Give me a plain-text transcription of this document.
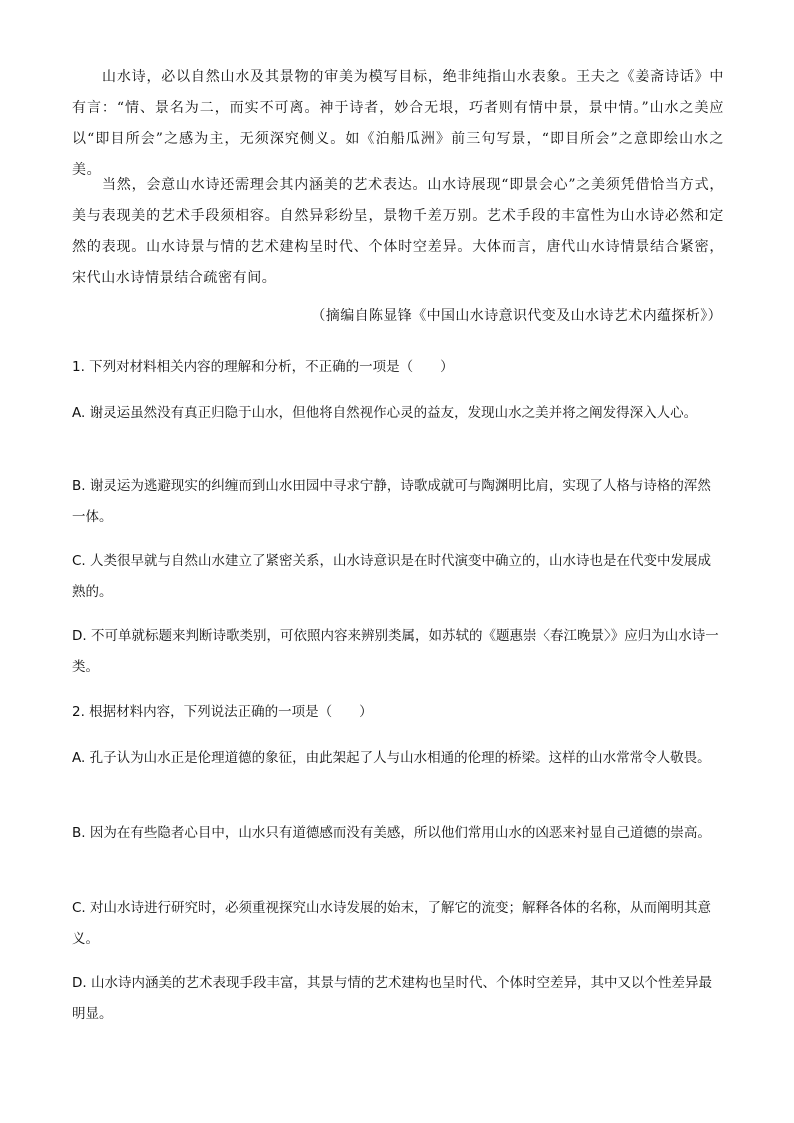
山水诗，必以自然山水及其景物的审美为模写目标，绝非纯指山水表象。王夫之《姜斋诗话》中有言：“情、景名为二，而实不可离。神于诗者，妙合无垠，巧者则有情中景，景中情。”山水之美应以“即目所会”之感为主，无须深究侧义。如《泊船瓜洲》前三句写景，“即目所会”之意即绘山水之美。

当然，会意山水诗还需理会其内涵美的艺术表达。山水诗展现“即景会心”之美须凭借恰当方式，美与表现美的艺术手段须相容。自然异彩纷呈，景物千差万别。艺术手段的丰富性为山水诗必然和定然的表现。山水诗景与情的艺术建构呈时代、个体时空差异。大体而言，唐代山水诗情景结合紧密，宋代山水诗情景结合疏密有间。

（摘编自陈显锋《中国山水诗意识代变及山水诗艺术内蕴探析》）

1. 下列对材料相关内容的理解和分析，不正确的一项是（　　）

A. 谢灵运虽然没有真正归隐于山水，但他将自然视作心灵的益友，发现山水之美并将之阐发得深入人心。

B. 谢灵运为逃避现实的纠缠而到山水田园中寻求宁静，诗歌成就可与陶渊明比肩，实现了人格与诗格的浑然一体。

C. 人类很早就与自然山水建立了紧密关系，山水诗意识是在时代演变中确立的，山水诗也是在代变中发展成熟的。

D. 不可单就标题来判断诗歌类别，可依照内容来辨别类属，如苏轼的《题惠崇〈春江晚景〉》应归为山水诗一类。

2. 根据材料内容，下列说法正确的一项是（　　）

A. 孔子认为山水正是伦理道德的象征，由此架起了人与山水相通的伦理的桥梁。这样的山水常常令人敬畏。

B. 因为在有些隐者心目中，山水只有道德感而没有美感，所以他们常用山水的凶恶来衬显自己道德的崇高。

C. 对山水诗进行研究时，必须重视探究山水诗发展的始末，了解它的流变；解释各体的名称，从而阐明其意义。

D. 山水诗内涵美的艺术表现手段丰富，其景与情的艺术建构也呈时代、个体时空差异，其中又以个性差异最明显。
